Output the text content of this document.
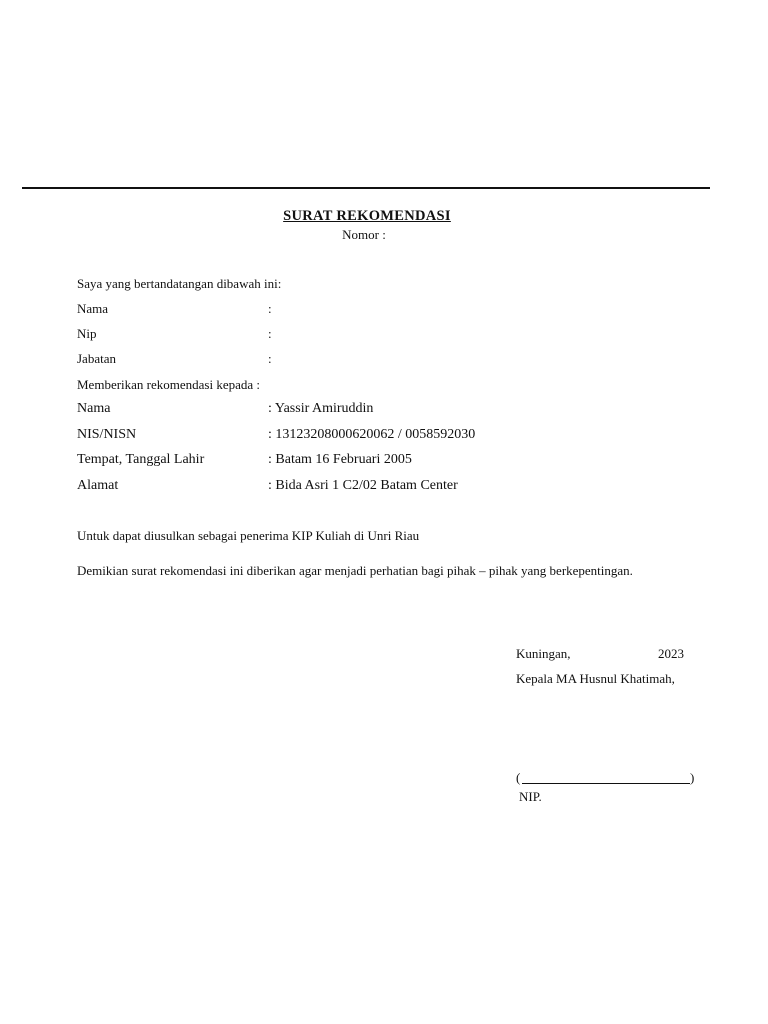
SURAT REKOMENDASI
Nomor :
Saya yang bertandatangan dibawah ini:
Nama	:
Nip	:
Jabatan	:
Memberikan rekomendasi kepada :
Nama	: Yassir Amiruddin
NIS/NISN	: 13123208000620062 / 0058592030
Tempat, Tanggal Lahir	: Batam 16 Februari 2005
Alamat	: Bida Asri 1 C2/02 Batam Center
Untuk dapat diusulkan sebagai penerima KIP Kuliah di Unri Riau
Demikian surat rekomendasi ini diberikan agar menjadi perhatian bagi pihak – pihak yang berkepentingan.
Kuningan,	2023
Kepala MA Husnul Khatimah,
(	)
NIP.
